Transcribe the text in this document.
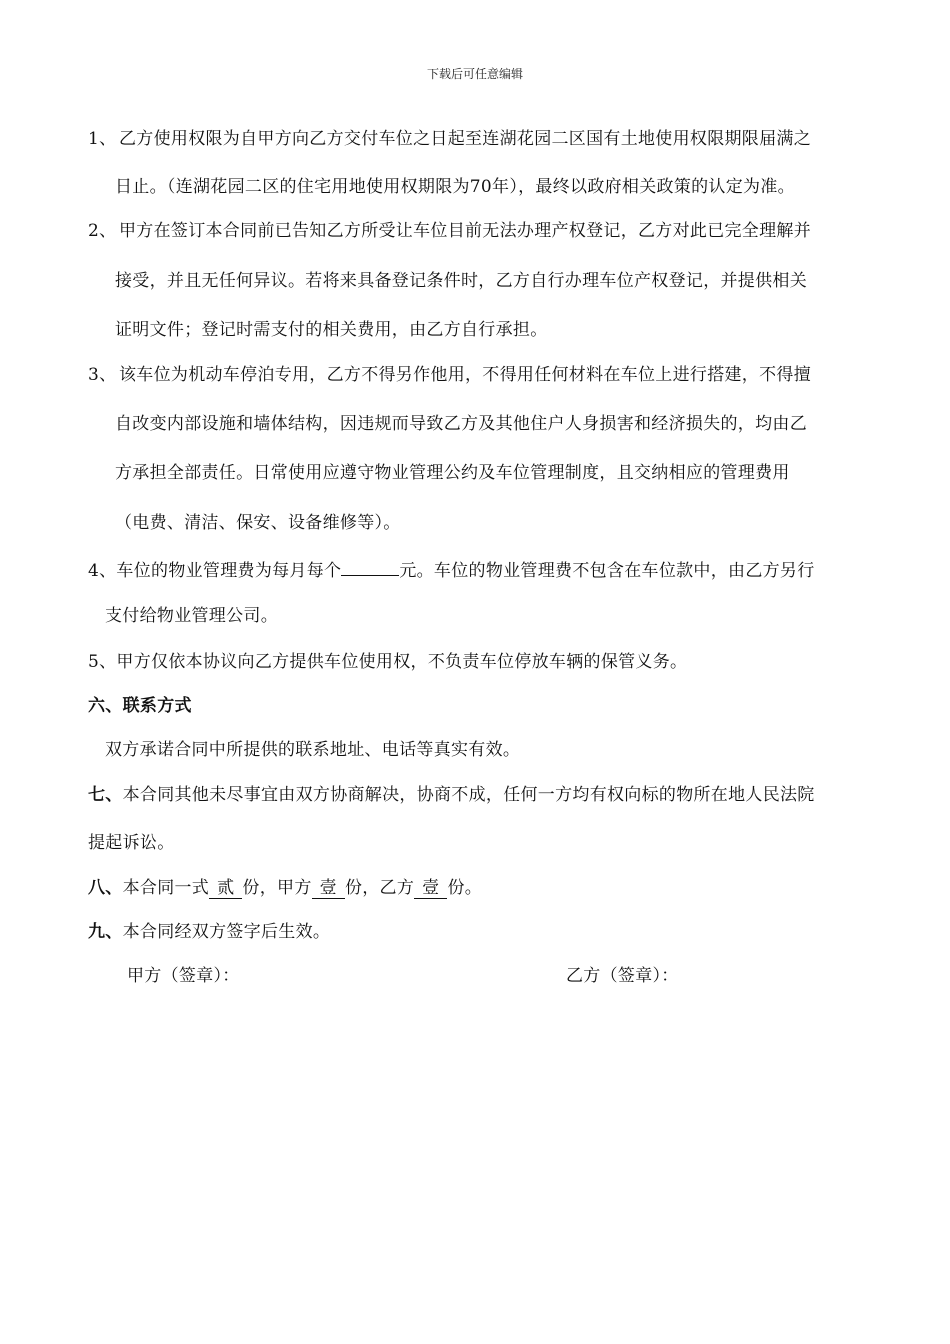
下载后可任意编辑
1、 乙方使用权限为自甲方向乙方交付车位之日起至连湖花园二区国有土地使用权限期限届满之
日止。（连湖花园二区的住宅用地使用权期限为70年），最终以政府相关政策的认定为准。
2、 甲方在签订本合同前已告知乙方所受让车位目前无法办理产权登记，乙方对此已完全理解并
接受，并且无任何异议。若将来具备登记条件时，乙方自行办理车位产权登记，并提供相关
证明文件；登记时需支付的相关费用，由乙方自行承担。
3、 该车位为机动车停泊专用，乙方不得另作他用，不得用任何材料在车位上进行搭建，不得擅
自改变内部设施和墙体结构，因违规而导致乙方及其他住户人身损害和经济损失的，均由乙
方承担全部责任。日常使用应遵守物业管理公约及车位管理制度，且交纳相应的管理费用
（电费、清洁、保安、设备维修等）。
4、车位的物业管理费为每月每个	元。车位的物业管理费不包含在车位款中，由乙方另行
支付给物业管理公司。
5、甲方仅依本协议向乙方提供车位使用权，不负责车位停放车辆的保管义务。
六、联系方式
双方承诺合同中所提供的联系地址、电话等真实有效。
七、本合同其他未尽事宜由双方协商解决，协商不成，任何一方均有权向标的物所在地人民法院
提起诉讼。
八、本合同一式 贰 份，甲方 壹 份，乙方 壹 份。
九、本合同经双方签字后生效。
甲方（签章）：	乙方（签章）：
